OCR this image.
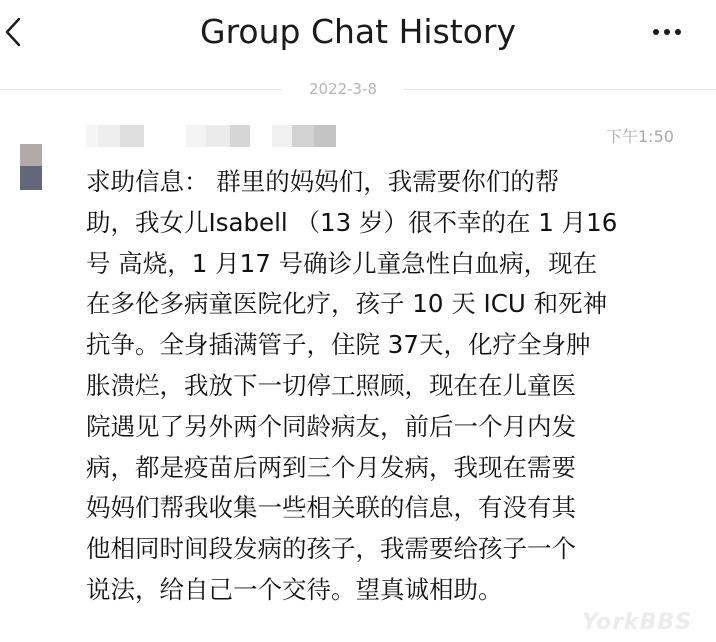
Group Chat History
2022-3-8
下午1:50
求助信息： 群里的妈妈们，我需要你们的帮
助，我女儿Isabell （13 岁）很不幸的在 1 月16
号 高烧，1 月17 号确诊儿童急性白血病，现在
在多伦多病童医院化疗，孩子 10 天 ICU 和死神
抗争。全身插满管子，住院 37天，化疗全身肿
胀溃烂，我放下一切停工照顾，现在在儿童医
院遇见了另外两个同龄病友，前后一个月内发
病，都是疫苗后两到三个月发病，我现在需要
妈妈们帮我收集一些相关联的信息，有没有其
他相同时间段发病的孩子，我需要给孩子一个
说法，给自己一个交待。望真诚相助。
YorkBBS
